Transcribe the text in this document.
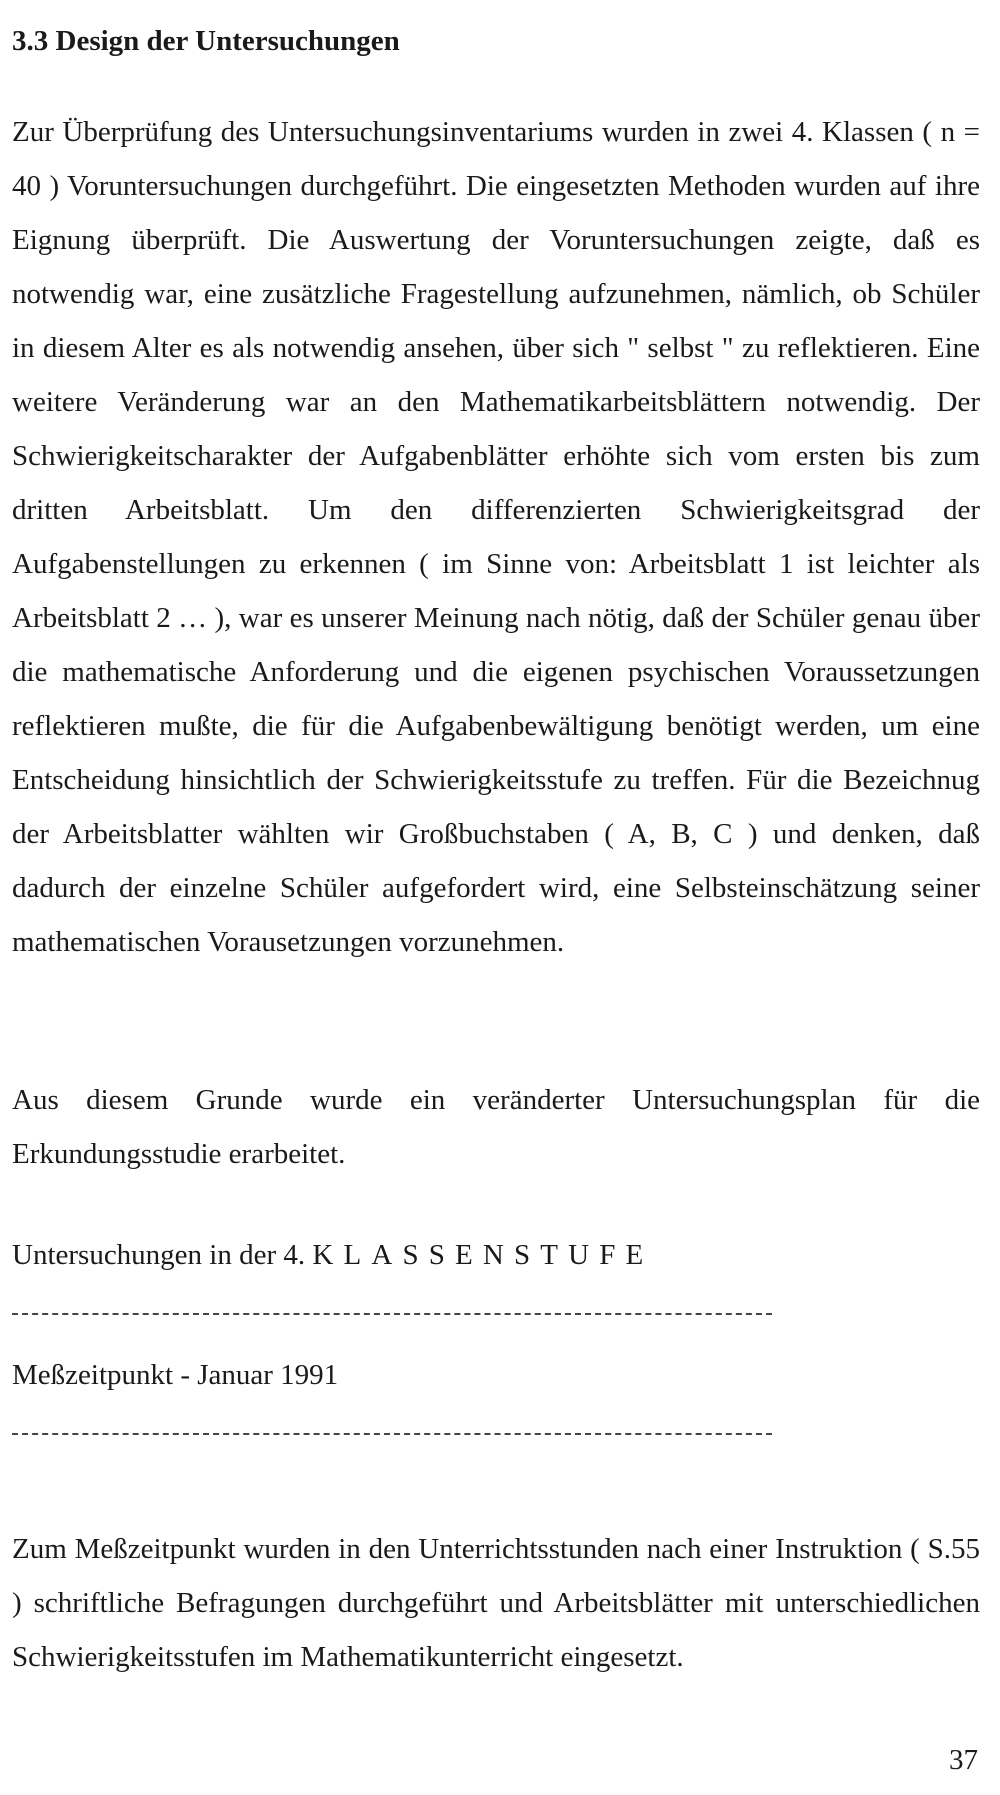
3.3 Design der Untersuchungen

Zur Überprüfung des Untersuchungsinventariums wurden in zwei 4. Klassen ( n = 40 ) Voruntersuchungen durchgeführt. Die eingesetzten Methoden wurden auf ihre Eignung überprüft. Die Auswertung der Voruntersuchungen zeigte, daß es notwendig war, eine zusätzliche Fragestellung aufzunehmen, nämlich, ob Schüler in diesem Alter es als notwendig ansehen, über sich " selbst " zu reflektieren. Eine weitere Veränderung war an den Mathematikarbeitsblättern notwendig. Der Schwierigkeitscharakter der Aufgabenblätter erhöhte sich vom ersten bis zum dritten Arbeitsblatt. Um den differenzierten Schwierigkeitsgrad der Aufgabenstellungen zu erkennen ( im Sinne von: Arbeitsblatt 1 ist leichter als Arbeitsblatt 2 … ), war es unserer Meinung nach nötig, daß der Schüler genau über die mathematische Anforderung und die eigenen psychischen Voraussetzungen reflektieren mußte, die für die Aufgabenbewältigung benötigt werden, um eine Entscheidung hinsichtlich der Schwierigkeitsstufe zu treffen. Für die Bezeichnug der Arbeitsblatter wählten wir Großbuchstaben ( A, B, C ) und denken, daß dadurch der einzelne Schüler aufgefordert wird, eine Selbsteinschätzung seiner mathematischen Vorausetzungen vorzunehmen.

Aus diesem Grunde wurde ein veränderter Untersuchungsplan für die Erkundungsstudie erarbeitet.

Untersuchungen in der 4. KLASSENSTUFE

Meßzeitpunkt - Januar 1991

Zum Meßzeitpunkt wurden in den Unterrichtsstunden nach einer Instruktion ( S.55 ) schriftliche Befragungen durchgeführt und Arbeitsblätter mit unterschiedlichen Schwierigkeitsstufen im Mathematikunterricht eingesetzt.

37
